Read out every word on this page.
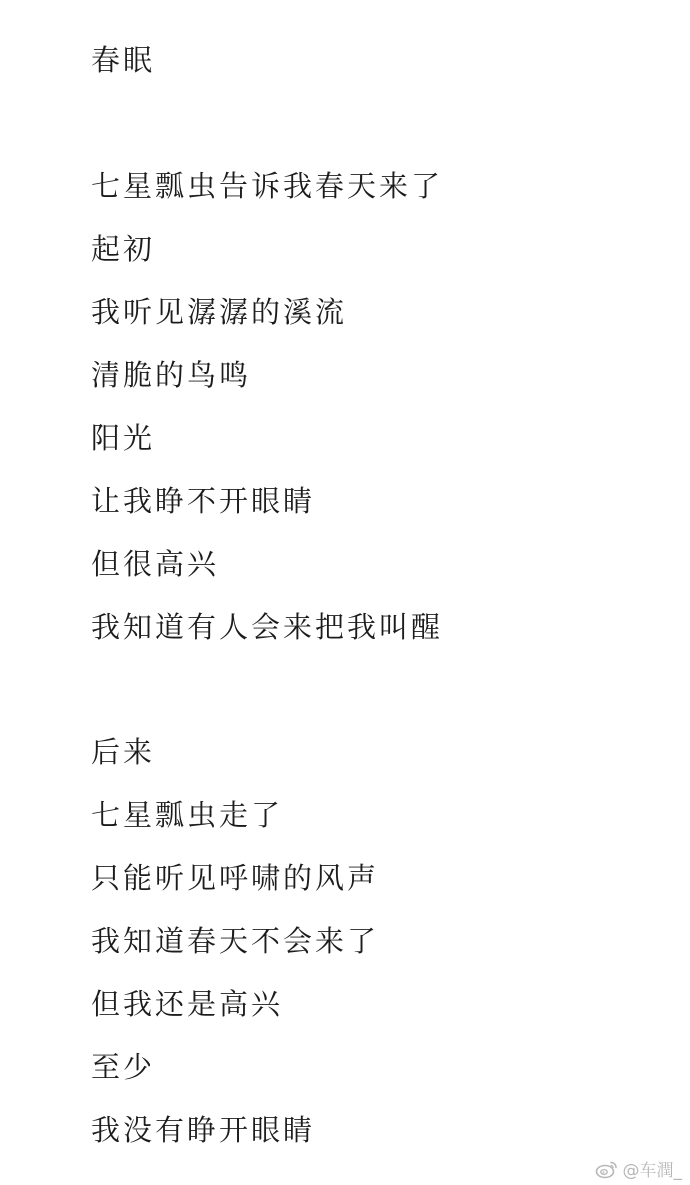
春眠
七星瓢虫告诉我春天来了
起初
我听见潺潺的溪流
清脆的鸟鸣
阳光
让我睁不开眼睛
但很高兴
我知道有人会来把我叫醒
后来
七星瓢虫走了
只能听见呼啸的风声
我知道春天不会来了
但我还是高兴
至少
我没有睁开眼睛
@车潤_
